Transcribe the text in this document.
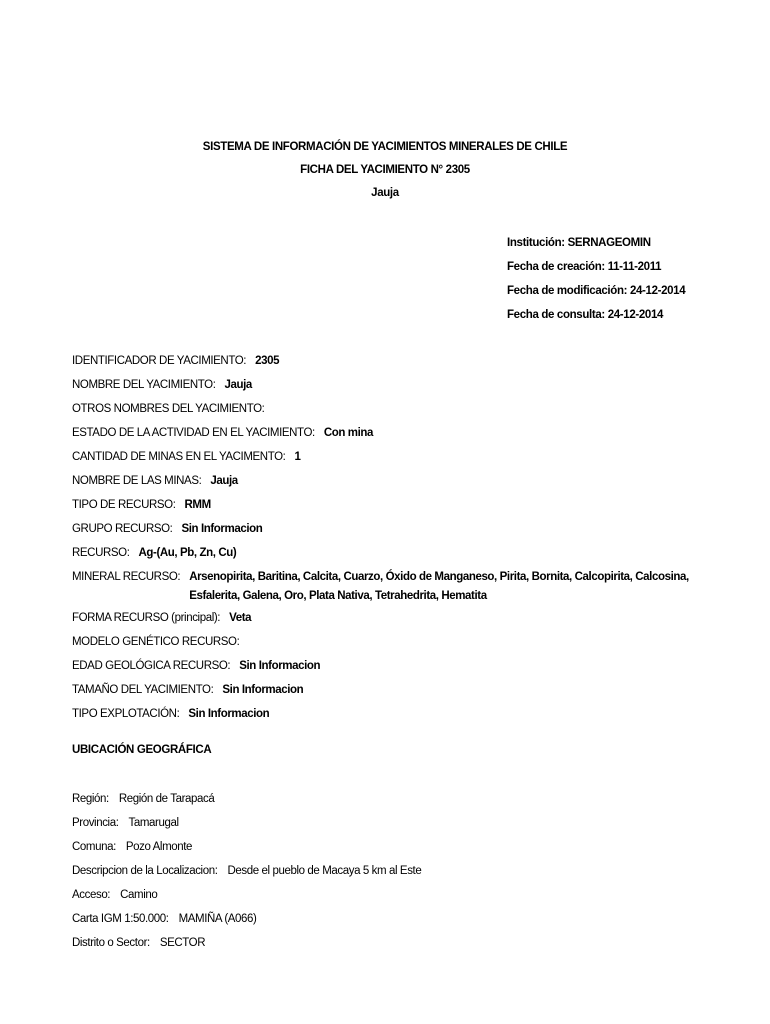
SISTEMA DE INFORMACIÓN DE YACIMIENTOS MINERALES DE CHILE
FICHA DEL YACIMIENTO N° 2305
Jauja
Institución: SERNAGEOMIN
Fecha de creación: 11-11-2011
Fecha de modificación: 24-12-2014
Fecha de consulta: 24-12-2014
IDENTIFICADOR DE YACIMIENTO: 2305
NOMBRE DEL YACIMIENTO: Jauja
OTROS NOMBRES DEL YACIMIENTO:
ESTADO DE LA ACTIVIDAD EN EL YACIMIENTO: Con mina
CANTIDAD DE MINAS EN EL YACIMENTO: 1
NOMBRE DE LAS MINAS: Jauja
TIPO DE RECURSO: RMM
GRUPO RECURSO: Sin Informacion
RECURSO: Ag-(Au, Pb, Zn, Cu)
MINERAL RECURSO: Arsenopirita, Baritina, Calcita, Cuarzo, Óxido de Manganeso, Pirita, Bornita, Calcopirita, Calcosina, Esfalerita, Galena, Oro, Plata Nativa, Tetrahedrita, Hematita
FORMA RECURSO (principal): Veta
MODELO GENÉTICO RECURSO:
EDAD GEOLÓGICA RECURSO: Sin Informacion
TAMAÑO DEL YACIMIENTO: Sin Informacion
TIPO EXPLOTACIÓN: Sin Informacion
UBICACIÓN GEOGRÁFICA
Región: Región de Tarapacá
Provincia: Tamarugal
Comuna: Pozo Almonte
Descripcion de la Localizacion: Desde el pueblo de Macaya 5 km al Este
Acceso: Camino
Carta IGM 1:50.000: MAMIÑA (A066)
Distrito o Sector: SECTOR
